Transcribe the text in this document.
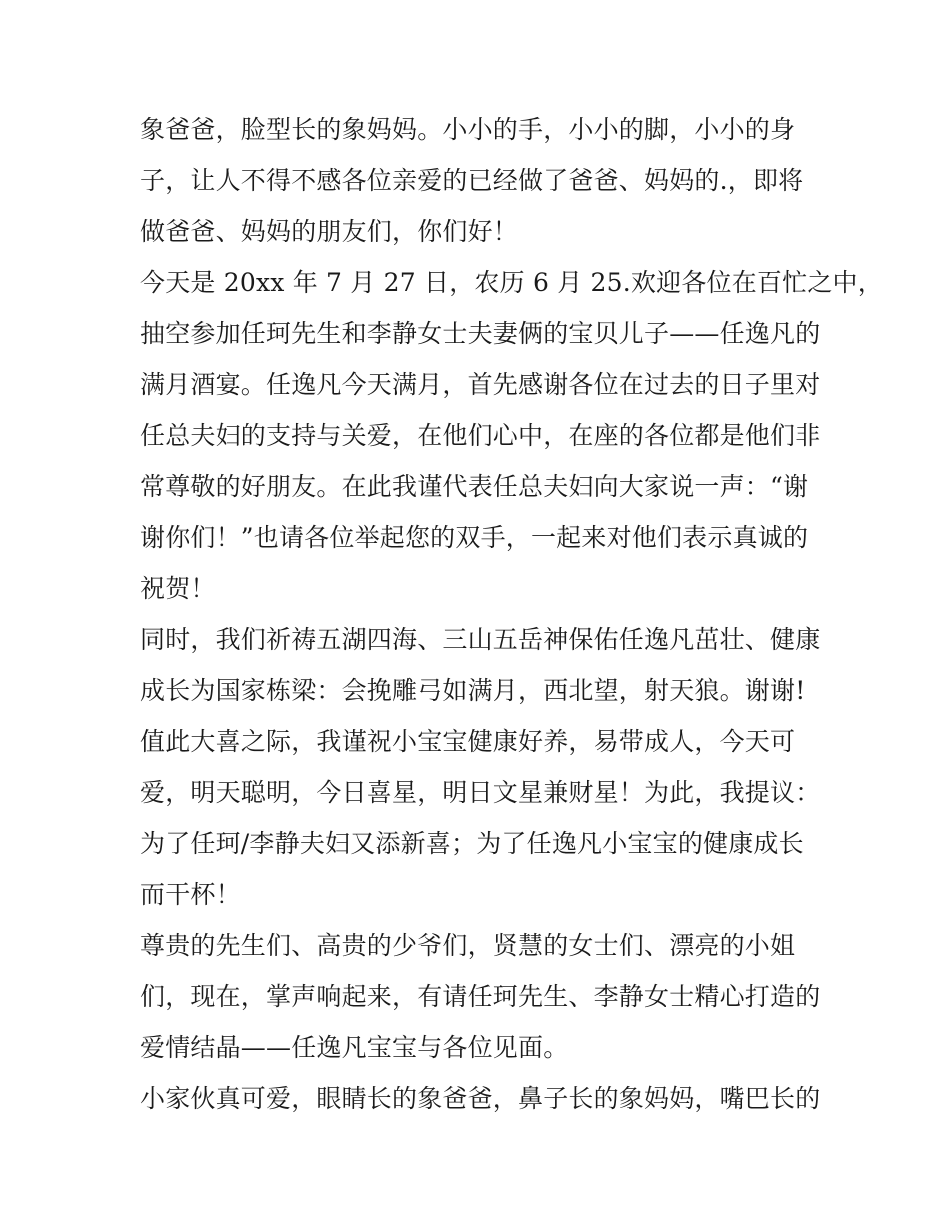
象爸爸，脸型长的象妈妈。小小的手，小小的脚，小小的身
子，让人不得不感各位亲爱的已经做了爸爸、妈妈的.，即将
做爸爸、妈妈的朋友们，你们好！
今天是 20xx 年 7 月 27 日，农历 6 月 25.欢迎各位在百忙之中，
抽空参加任珂先生和李静女士夫妻俩的宝贝儿子——任逸凡的
满月酒宴。任逸凡今天满月，首先感谢各位在过去的日子里对
任总夫妇的支持与关爱，在他们心中，在座的各位都是他们非
常尊敬的好朋友。在此我谨代表任总夫妇向大家说一声：“谢
谢你们！”也请各位举起您的双手，一起来对他们表示真诚的
祝贺！
同时，我们祈祷五湖四海、三山五岳神保佑任逸凡茁壮、健康
成长为国家栋梁：会挽雕弓如满月，西北望，射天狼。谢谢!
值此大喜之际，我谨祝小宝宝健康好养，易带成人，今天可
爱，明天聪明，今日喜星，明日文星兼财星！为此，我提议：
为了任珂/李静夫妇又添新喜；为了任逸凡小宝宝的健康成长
而干杯！
尊贵的先生们、高贵的少爷们，贤慧的女士们、漂亮的小姐
们，现在，掌声响起来，有请任珂先生、李静女士精心打造的
爱情结晶——任逸凡宝宝与各位见面。
小家伙真可爱，眼睛长的象爸爸，鼻子长的象妈妈，嘴巴长的
